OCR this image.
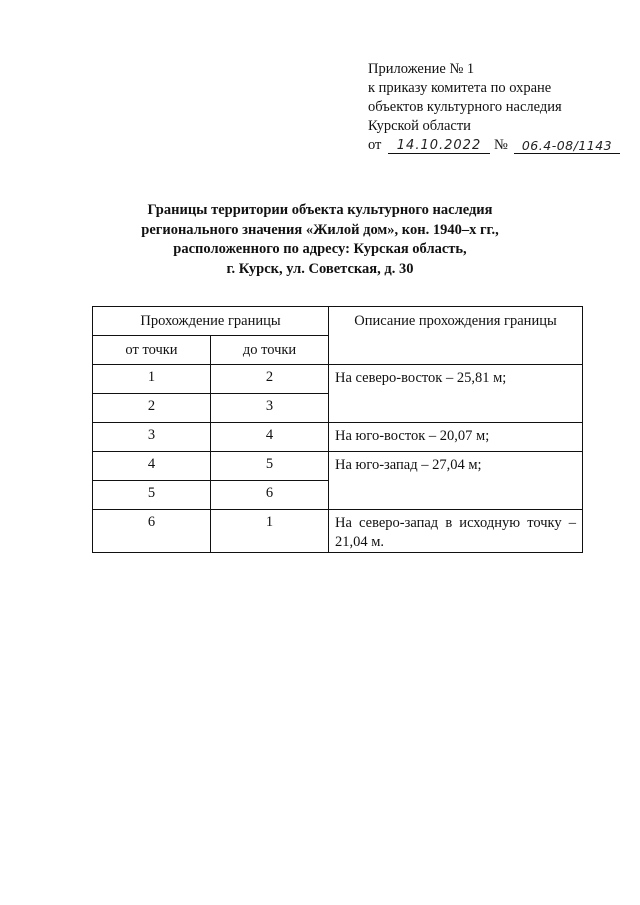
Приложение № 1
к приказу комитета по охране
объектов культурного наследия
Курской области
от	14.10.2022 №	06.4-08/1143
Границы территории объекта культурного наследия
регионального значения «Жилой дом», кон. 1940–х гг.,
расположенного по адресу: Курская область,
г. Курск, ул. Советская, д. 30
Прохождение границы		Описание прохождения границы
от точки	до точки	
1	2	На северо-восток – 25,81 м;
2	3	
3	4	На юго-восток – 20,07 м;
4	5	На юго-запад – 27,04 м;
5	6	
6	1	На северо-запад в исходную точку – 21,04 м.
